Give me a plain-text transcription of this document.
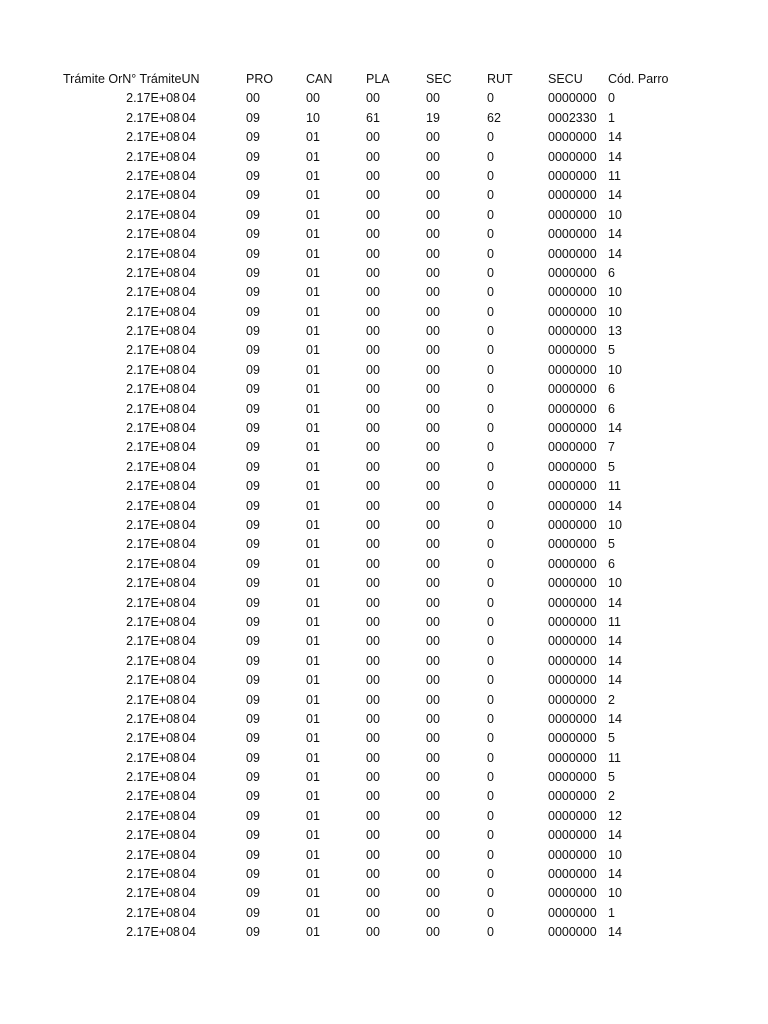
Trámite OrN° TrámiteUN	PRO	CAN	PLA	SEC	RUT	SECU Cód. Parro
2.17E+08 04	00	00	00	00	0	0000000 0
2.17E+08 04	09	10	61	19	62	0002330 1
2.17E+08 04	09	01	00	00	0	0000000 14
2.17E+08 04	09	01	00	00	0	0000000 14
2.17E+08 04	09	01	00	00	0	0000000 11
2.17E+08 04	09	01	00	00	0	0000000 14
2.17E+08 04	09	01	00	00	0	0000000 10
2.17E+08 04	09	01	00	00	0	0000000 14
2.17E+08 04	09	01	00	00	0	0000000 14
2.17E+08 04	09	01	00	00	0	0000000 6
2.17E+08 04	09	01	00	00	0	0000000 10
2.17E+08 04	09	01	00	00	0	0000000 10
2.17E+08 04	09	01	00	00	0	0000000 13
2.17E+08 04	09	01	00	00	0	0000000 5
2.17E+08 04	09	01	00	00	0	0000000 10
2.17E+08 04	09	01	00	00	0	0000000 6
2.17E+08 04	09	01	00	00	0	0000000 6
2.17E+08 04	09	01	00	00	0	0000000 14
2.17E+08 04	09	01	00	00	0	0000000 7
2.17E+08 04	09	01	00	00	0	0000000 5
2.17E+08 04	09	01	00	00	0	0000000 11
2.17E+08 04	09	01	00	00	0	0000000 14
2.17E+08 04	09	01	00	00	0	0000000 10
2.17E+08 04	09	01	00	00	0	0000000 5
2.17E+08 04	09	01	00	00	0	0000000 6
2.17E+08 04	09	01	00	00	0	0000000 10
2.17E+08 04	09	01	00	00	0	0000000 14
2.17E+08 04	09	01	00	00	0	0000000 11
2.17E+08 04	09	01	00	00	0	0000000 14
2.17E+08 04	09	01	00	00	0	0000000 14
2.17E+08 04	09	01	00	00	0	0000000 14
2.17E+08 04	09	01	00	00	0	0000000 2
2.17E+08 04	09	01	00	00	0	0000000 14
2.17E+08 04	09	01	00	00	0	0000000 5
2.17E+08 04	09	01	00	00	0	0000000 11
2.17E+08 04	09	01	00	00	0	0000000 5
2.17E+08 04	09	01	00	00	0	0000000 2
2.17E+08 04	09	01	00	00	0	0000000 12
2.17E+08 04	09	01	00	00	0	0000000 14
2.17E+08 04	09	01	00	00	0	0000000 10
2.17E+08 04	09	01	00	00	0	0000000 14
2.17E+08 04	09	01	00	00	0	0000000 10
2.17E+08 04	09	01	00	00	0	0000000 1
2.17E+08 04	09	01	00	00	0	0000000 14
